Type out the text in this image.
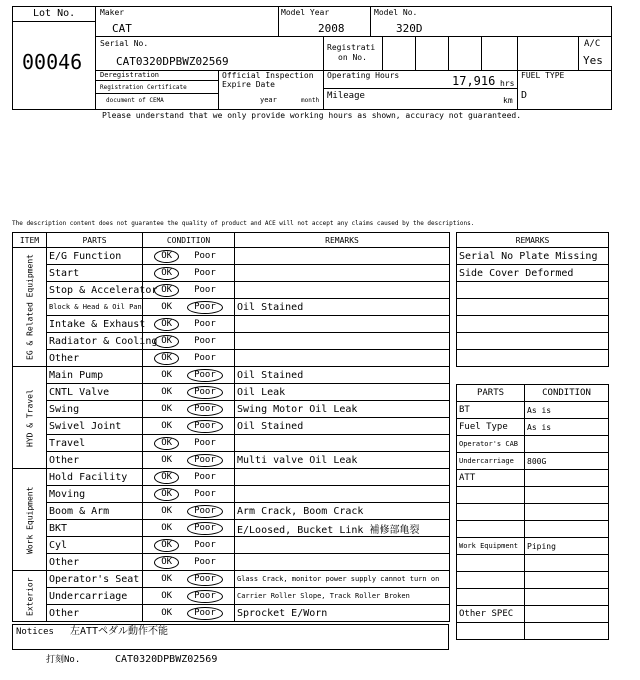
Lot No.
00046
Maker
CAT
Model Year
2008
Model No.
320D
Serial No.
CAT0320DPBWZ02569
Registrati
on No.
A/C
Yes
Deregistration
Registration Certificate
document of CEMA
Official Inspection
Expire Date
year	month
Operating Hours	17,916 hrs
Mileage	km
FUEL TYPE
D
Please understand that we only provide working hours as shown, accuracy not guaranteed.
The description content does not guarantee the quality of product and ACE will not accept any claims caused by the descriptions.
ITEM	PARTS	CONDITION	REMARKS
EG & Related Equipment	E/G Function	OK Poor	
	Start	OK Poor	
	Stop & Accelerator	OK Poor	
	Block & Head & Oil Pan	OK Poor	Oil Stained
	Intake & Exhaust	OK Poor	
	Radiator & Cooling	OK Poor	
	Other	OK Poor	
HYD & Travel	Main Pump	OK Poor	Oil Stained
	CNTL Valve	OK Poor	Oil Leak
	Swing	OK Poor	Swing Motor Oil Leak
	Swivel Joint	OK Poor	Oil Stained
	Travel	OK Poor	
	Other	OK Poor	Multi valve Oil Leak
Work Equipment	Hold Facility	OK Poor	
	Moving	OK Poor	
	Boom & Arm	OK Poor	Arm Crack, Boom Crack
	BKT	OK Poor	E/Loosed, Bucket Link 補修部亀裂
	Cyl	OK Poor	
	Other	OK Poor	
Exterior	Operator's Seat	OK Poor	Glass Crack, monitor power supply cannot turn on
	Undercarriage	OK Poor	Carrier Roller Slope, Track Roller Broken
	Other	OK Poor	Sprocket E/Worn
Notices 左ATTペダル動作不能
打刻No.	CAT0320DPBWZ02569
REMARKS
Serial No Plate Missing
Side Cover Deformed

PARTS	CONDITION
BT	As is
Fuel Type	As is
Operator's CAB	
Undercarriage	800G
ATT	

Work Equipment	Piping

Other SPEC	
